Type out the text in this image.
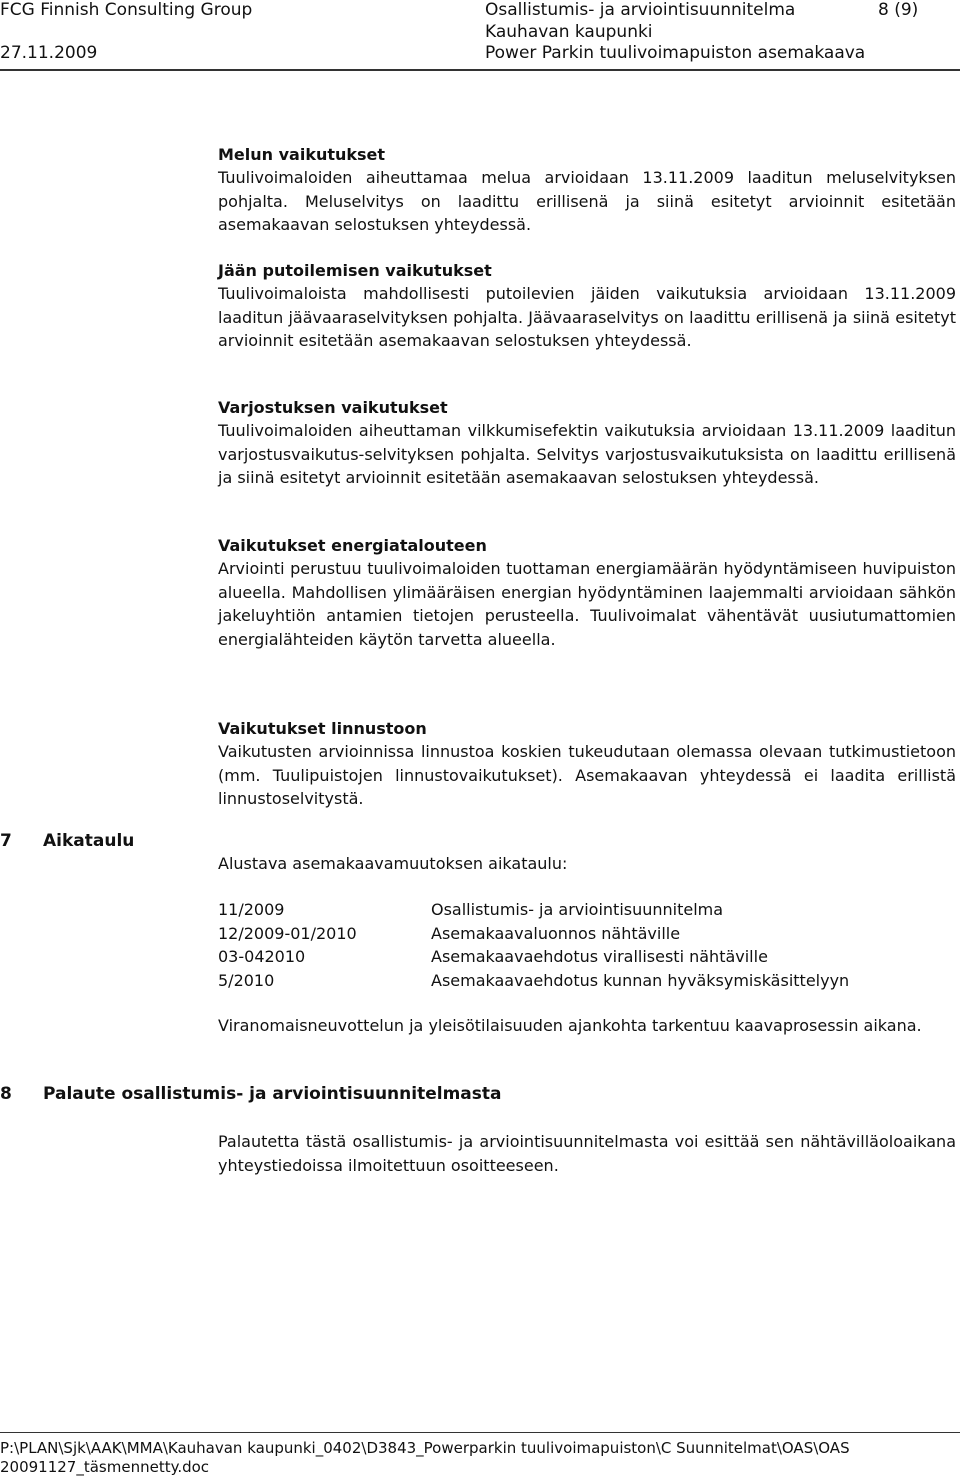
FCG Finnish Consulting Group
27.11.2009
Osallistumis- ja arviointisuunnitelma
Kauhavan kaupunki
Power Parkin tuulivoimapuiston asemakaava
8 (9)

Melun vaikutukset

Tuulivoimaloiden aiheuttamaa melua arvioidaan 13.11.2009 laaditun meluselvityksen pohjalta. Meluselvitys on laadittu erillisenä ja siinä esitetyt arvioinnit esitetään asemakaavan selostuksen yhteydessä.

Jään putoilemisen vaikutukset

Tuulivoimaloista mahdollisesti putoilevien jäiden vaikutuksia arvioidaan 13.11.2009 laaditun jäävaaraselvityksen pohjalta. Jäävaaraselvitys on laadittu erillisenä ja siinä esitetyt arvioinnit esitetään asemakaavan selostuksen yhteydessä.

Varjostuksen vaikutukset

Tuulivoimaloiden aiheuttaman vilkkumisefektin vaikutuksia arvioidaan 13.11.2009 laaditun varjostusvaikutus-selvityksen pohjalta. Selvitys varjostusvaikutuksista on laadittu erillisenä ja siinä esitetyt arvioinnit esitetään asemakaavan selostuksen yhteydessä.

Vaikutukset energiatalouteen

Arviointi perustuu tuulivoimaloiden tuottaman energiamäärän hyödyntämiseen huvipuiston alueella. Mahdollisen ylimääräisen energian hyödyntäminen laajemmalti arvioidaan sähkön jakeluyhtiön antamien tietojen perusteella. Tuulivoimalat vähentävät uusiutumattomien energialähteiden käytön tarvetta alueella.

Vaikutukset linnustoon

Vaikutusten arvioinnissa linnustoa koskien tukeudutaan olemassa olevaan tutkimustietoon (mm. Tuulipuistojen linnustovaikutukset). Asemakaavan yhteydessä ei laadita erillistä linnustoselvitystä.

Alustava asemakaavamuutoksen aikataulu:

Viranomaisneuvottelun ja yleisötilaisuuden ajankohta tarkentuu kaavaprosessin aikana.

Palautetta tästä osallistumis- ja arviointisuunnitelmasta voi esittää sen nähtävilläoloaikana yhteystiedoissa ilmoitettuun osoitteeseen.

7 Aikataulu
8 Palaute osallistumis- ja arviointisuunnitelmasta
11/2009	Osallistumis- ja arviointisuunnitelma
12/2009-01/2010	Asemakaavaluonnos nähtäville
03-042010	Asemakaavaehdotus virallisesti nähtäville
5/2010	Asemakaavaehdotus kunnan hyväksymiskäsittelyyn
P:\PLAN\Sjk\AAK\MMA\Kauhavan kaupunki_0402\D3843_Powerparkin tuulivoimapuiston\C Suunnitelmat\OAS\OAS
20091127_täsmennetty.doc
